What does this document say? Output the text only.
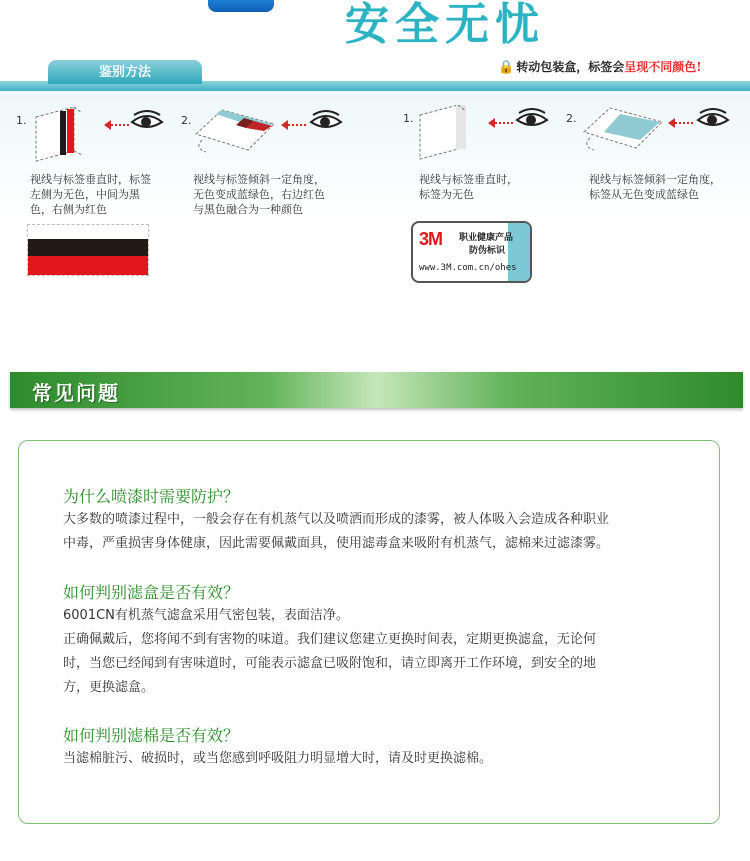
安全无忧
鉴别方法	🔒 转动包装盒，标签会呈现不同颜色!
1.
视线与标签垂直时，标签
左侧为无色，中间为黑
色，右侧为红色
2.
视线与标签倾斜一定角度，
无色变成蓝绿色，右边红色
与黑色融合为一种颜色
1.
视线与标签垂直时，
标签为无色
2.
视线与标签倾斜一定角度，
标签从无色变成蓝绿色
3M 职业健康产品
防伪标识
www.3M.com.cn/ohes
常见问题
为什么喷漆时需要防护？
大多数的喷漆过程中，一般会存在有机蒸气以及喷洒而形成的漆雾，被人体吸入会造成各种职业
中毒，严重损害身体健康，因此需要佩戴面具，使用滤毒盒来吸附有机蒸气，滤棉来过滤漆雾。
如何判别滤盒是否有效？
6001CN有机蒸气滤盒采用气密包装，表面洁净。
正确佩戴后，您将闻不到有害物的味道。我们建议您建立更换时间表，定期更换滤盒，无论何
时，当您已经闻到有害味道时，可能表示滤盒已吸附饱和，请立即离开工作环境，到安全的地
方，更换滤盒。
如何判别滤棉是否有效？
当滤棉脏污、破损时，或当您感到呼吸阻力明显增大时，请及时更换滤棉。
